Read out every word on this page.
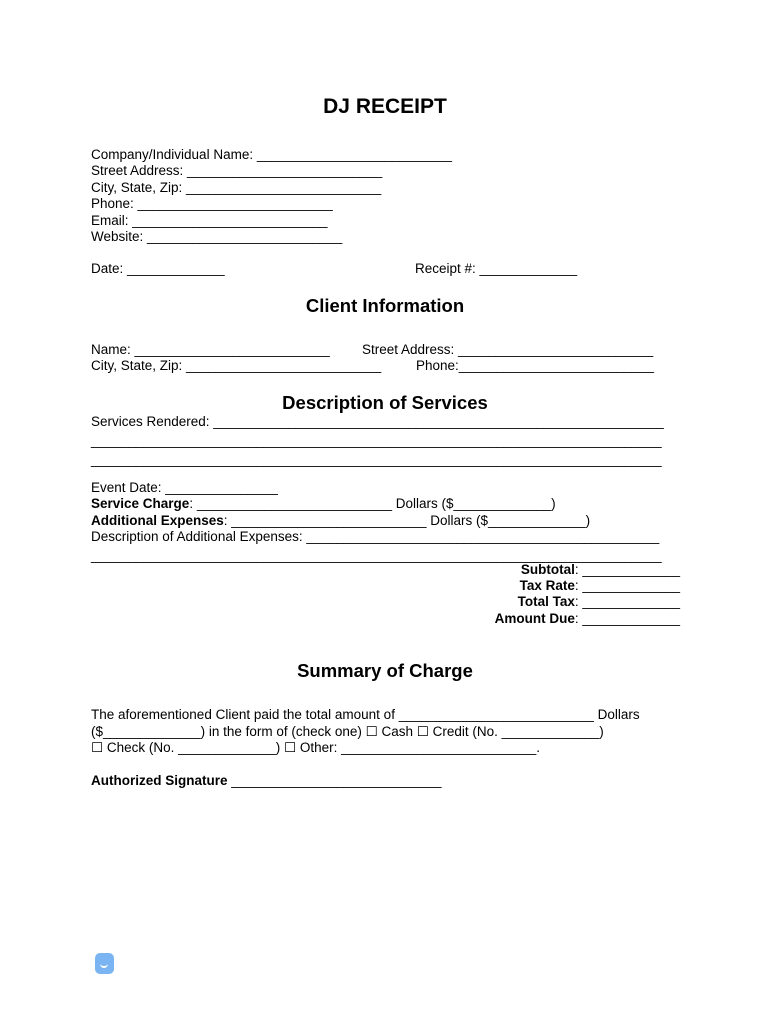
DJ RECEIPT
Company/Individual Name: __________________________
Street Address: __________________________
City, State, Zip: __________________________
Phone: __________________________
Email: __________________________
Website: __________________________
Date: _____________	Receipt #: _____________
Client Information
Name: __________________________ Street Address: __________________________
City, State, Zip: __________________________	Phone:__________________________
Description of Services
Services Rendered: ____________________________________________________________
____________________________________________________________________________
____________________________________________________________________________
Event Date: _______________
Service Charge: __________________________ Dollars ($_____________)
Additional Expenses: __________________________ Dollars ($_____________)
Description of Additional Expenses: _______________________________________________
____________________________________________________________________________
Subtotal: _____________
Tax Rate: _____________
Total Tax: _____________
Amount Due: _____________
Summary of Charge
The aforementioned Client paid the total amount of __________________________ Dollars
($_____________) in the form of (check one) ☐ Cash ☐ Credit (No. _____________)
☐ Check (No. _____________) ☐ Other: __________________________.
Authorized Signature ____________________________
